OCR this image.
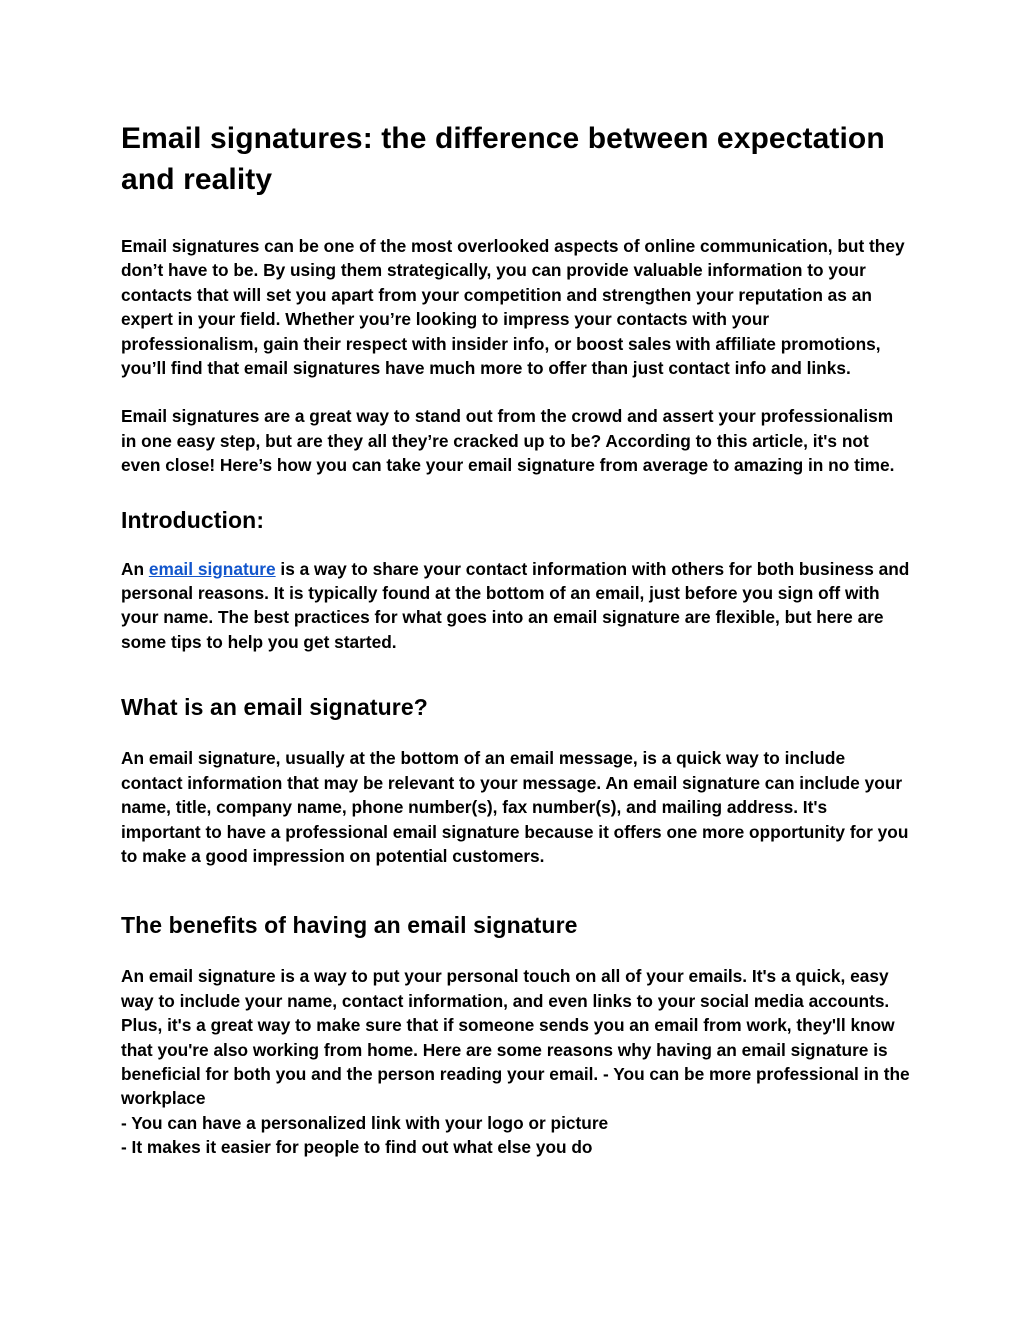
Email signatures: the difference between expectation and reality

Email signatures can be one of the most overlooked aspects of online communication, but they don’t have to be. By using them strategically, you can provide valuable information to your contacts that will set you apart from your competition and strengthen your reputation as an expert in your field. Whether you’re looking to impress your contacts with your professionalism, gain their respect with insider info, or boost sales with affiliate promotions, you’ll find that email signatures have much more to offer than just contact info and links.

Email signatures are a great way to stand out from the crowd and assert your professionalism in one easy step, but are they all they’re cracked up to be? According to this article, it's not even close! Here’s how you can take your email signature from average to amazing in no time.

Introduction:

An email signature is a way to share your contact information with others for both business and personal reasons. It is typically found at the bottom of an email, just before you sign off with your name. The best practices for what goes into an email signature are flexible, but here are some tips to help you get started.

What is an email signature?

An email signature, usually at the bottom of an email message, is a quick way to include contact information that may be relevant to your message. An email signature can include your name, title, company name, phone number(s), fax number(s), and mailing address. It's important to have a professional email signature because it offers one more opportunity for you to make a good impression on potential customers.

The benefits of having an email signature

An email signature is a way to put your personal touch on all of your emails. It's a quick, easy way to include your name, contact information, and even links to your social media accounts. Plus, it's a great way to make sure that if someone sends you an email from work, they'll know that you're also working from home. Here are some reasons why having an email signature is beneficial for both you and the person reading your email. - You can be more professional in the workplace
- You can have a personalized link with your logo or picture
- It makes it easier for people to find out what else you do
